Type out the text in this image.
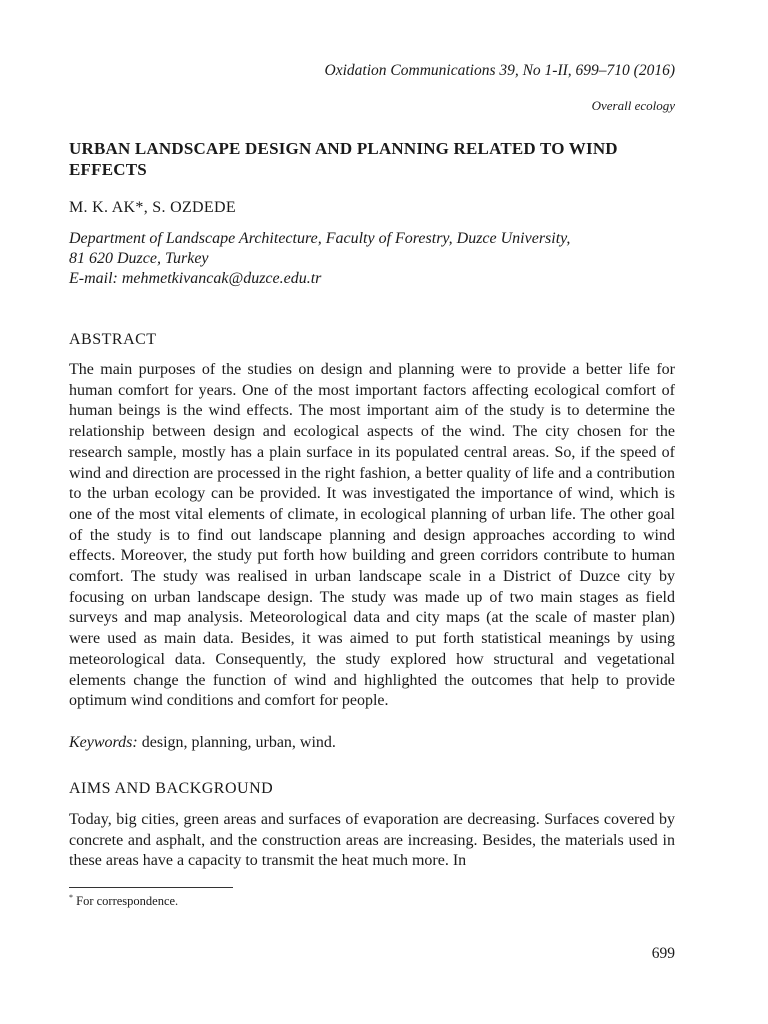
Oxidation Communications 39, No 1-II, 699–710 (2016)
Overall ecology
URBAN LANDSCAPE DESIGN AND PLANNING RELATED TO WIND EFFECTS
M. K. AK*, S. OZDEDE
Department of Landscape Architecture, Faculty of Forestry, Duzce University,
81 620 Duzce, Turkey
E-mail: mehmetkivancak@duzce.edu.tr
ABSTRACT

The main purposes of the studies on design and planning were to provide a better life for human comfort for years. One of the most important factors affecting ecological comfort of human beings is the wind effects. The most important aim of the study is to determine the relationship between design and ecological aspects of the wind. The city chosen for the research sample, mostly has a plain surface in its populated central areas. So, if the speed of wind and direction are processed in the right fashion, a better quality of life and a contribution to the urban ecology can be provided. It was investigated the importance of wind, which is one of the most vital elements of climate, in ecological planning of urban life. The other goal of the study is to find out landscape planning and design approaches according to wind effects. Moreover, the study put forth how building and green corridors contribute to human comfort. The study was realised in urban landscape scale in a District of Duzce city by focusing on urban landscape design. The study was made up of two main stages as field surveys and map analysis. Meteorological data and city maps (at the scale of master plan) were used as main data. Besides, it was aimed to put forth statistical meanings by using meteorological data. Consequently, the study explored how structural and vegetational elements change the function of wind and highlighted the outcomes that help to provide optimum wind conditions and comfort for people.

Keywords: design, planning, urban, wind.
AIMS AND BACKGROUND

Today, big cities, green areas and surfaces of evaporation are decreasing. Surfaces covered by concrete and asphalt, and the construction areas are increasing. Besides, the materials used in these areas have a capacity to transmit the heat much more. In

* For correspondence.
699
